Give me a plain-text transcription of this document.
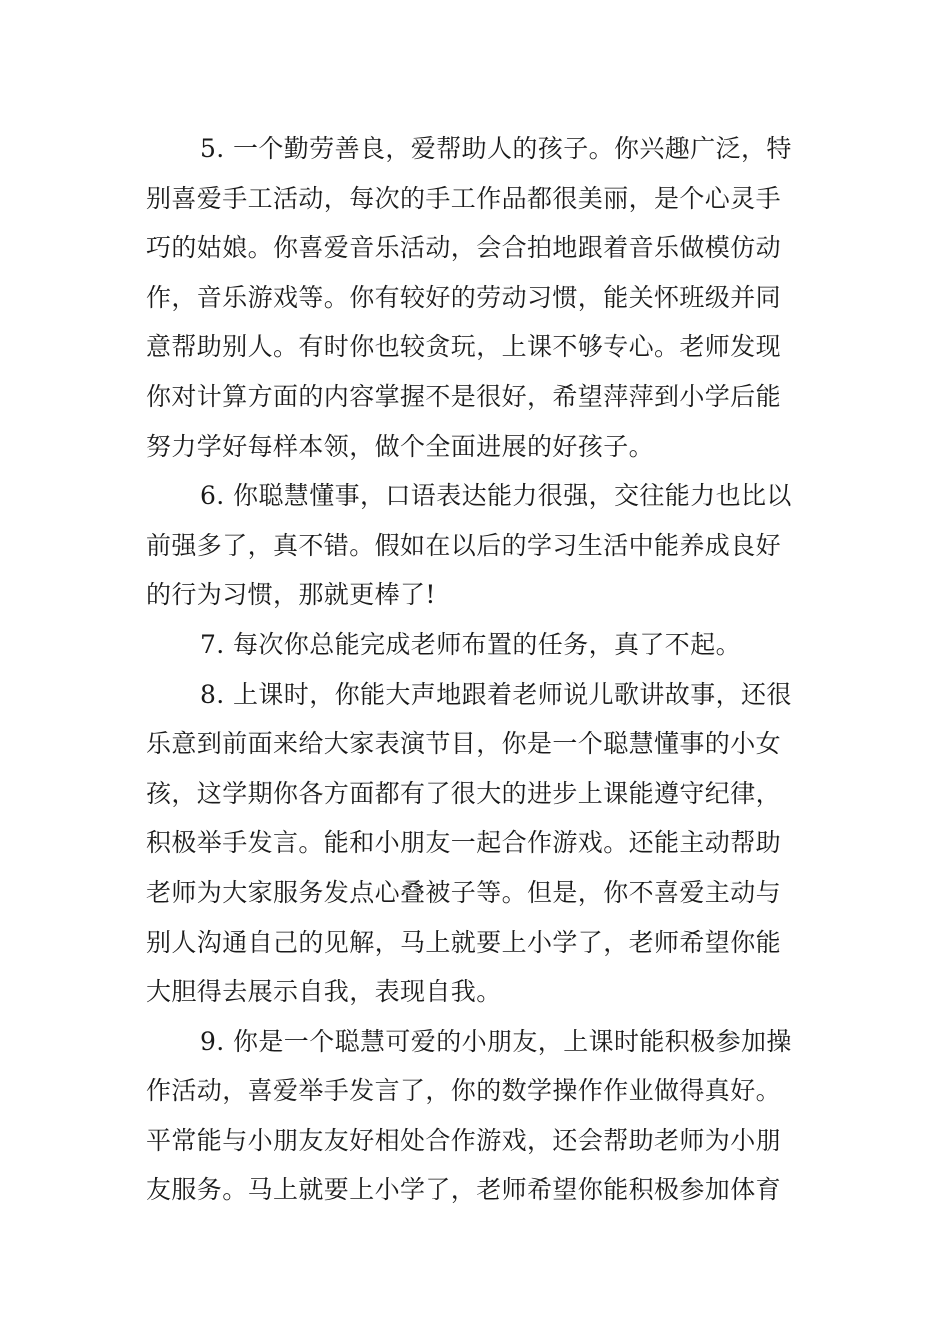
5. 一个勤劳善良，爱帮助人的孩子。你兴趣广泛，特
别喜爱手工活动，每次的手工作品都很美丽，是个心灵手
巧的姑娘。你喜爱音乐活动，会合拍地跟着音乐做模仿动
作，音乐游戏等。你有较好的劳动习惯，能关怀班级并同
意帮助别人。有时你也较贪玩，上课不够专心。老师发现
你对计算方面的内容掌握不是很好，希望萍萍到小学后能
努力学好每样本领，做个全面进展的好孩子。
6. 你聪慧懂事，口语表达能力很强，交往能力也比以
前强多了，真不错。假如在以后的学习生活中能养成良好
的行为习惯，那就更棒了!
7. 每次你总能完成老师布置的任务，真了不起。
8. 上课时，你能大声地跟着老师说儿歌讲故事，还很
乐意到前面来给大家表演节目，你是一个聪慧懂事的小女
孩，这学期你各方面都有了很大的进步上课能遵守纪律，
积极举手发言。能和小朋友一起合作游戏。还能主动帮助
老师为大家服务发点心叠被子等。但是，你不喜爱主动与
别人沟通自己的见解，马上就要上小学了，老师希望你能
大胆得去展示自我，表现自我。
9. 你是一个聪慧可爱的小朋友，上课时能积极参加操
作活动，喜爱举手发言了，你的数学操作作业做得真好。
平常能与小朋友友好相处合作游戏，还会帮助老师为小朋
友服务。马上就要上小学了，老师希望你能积极参加体育
